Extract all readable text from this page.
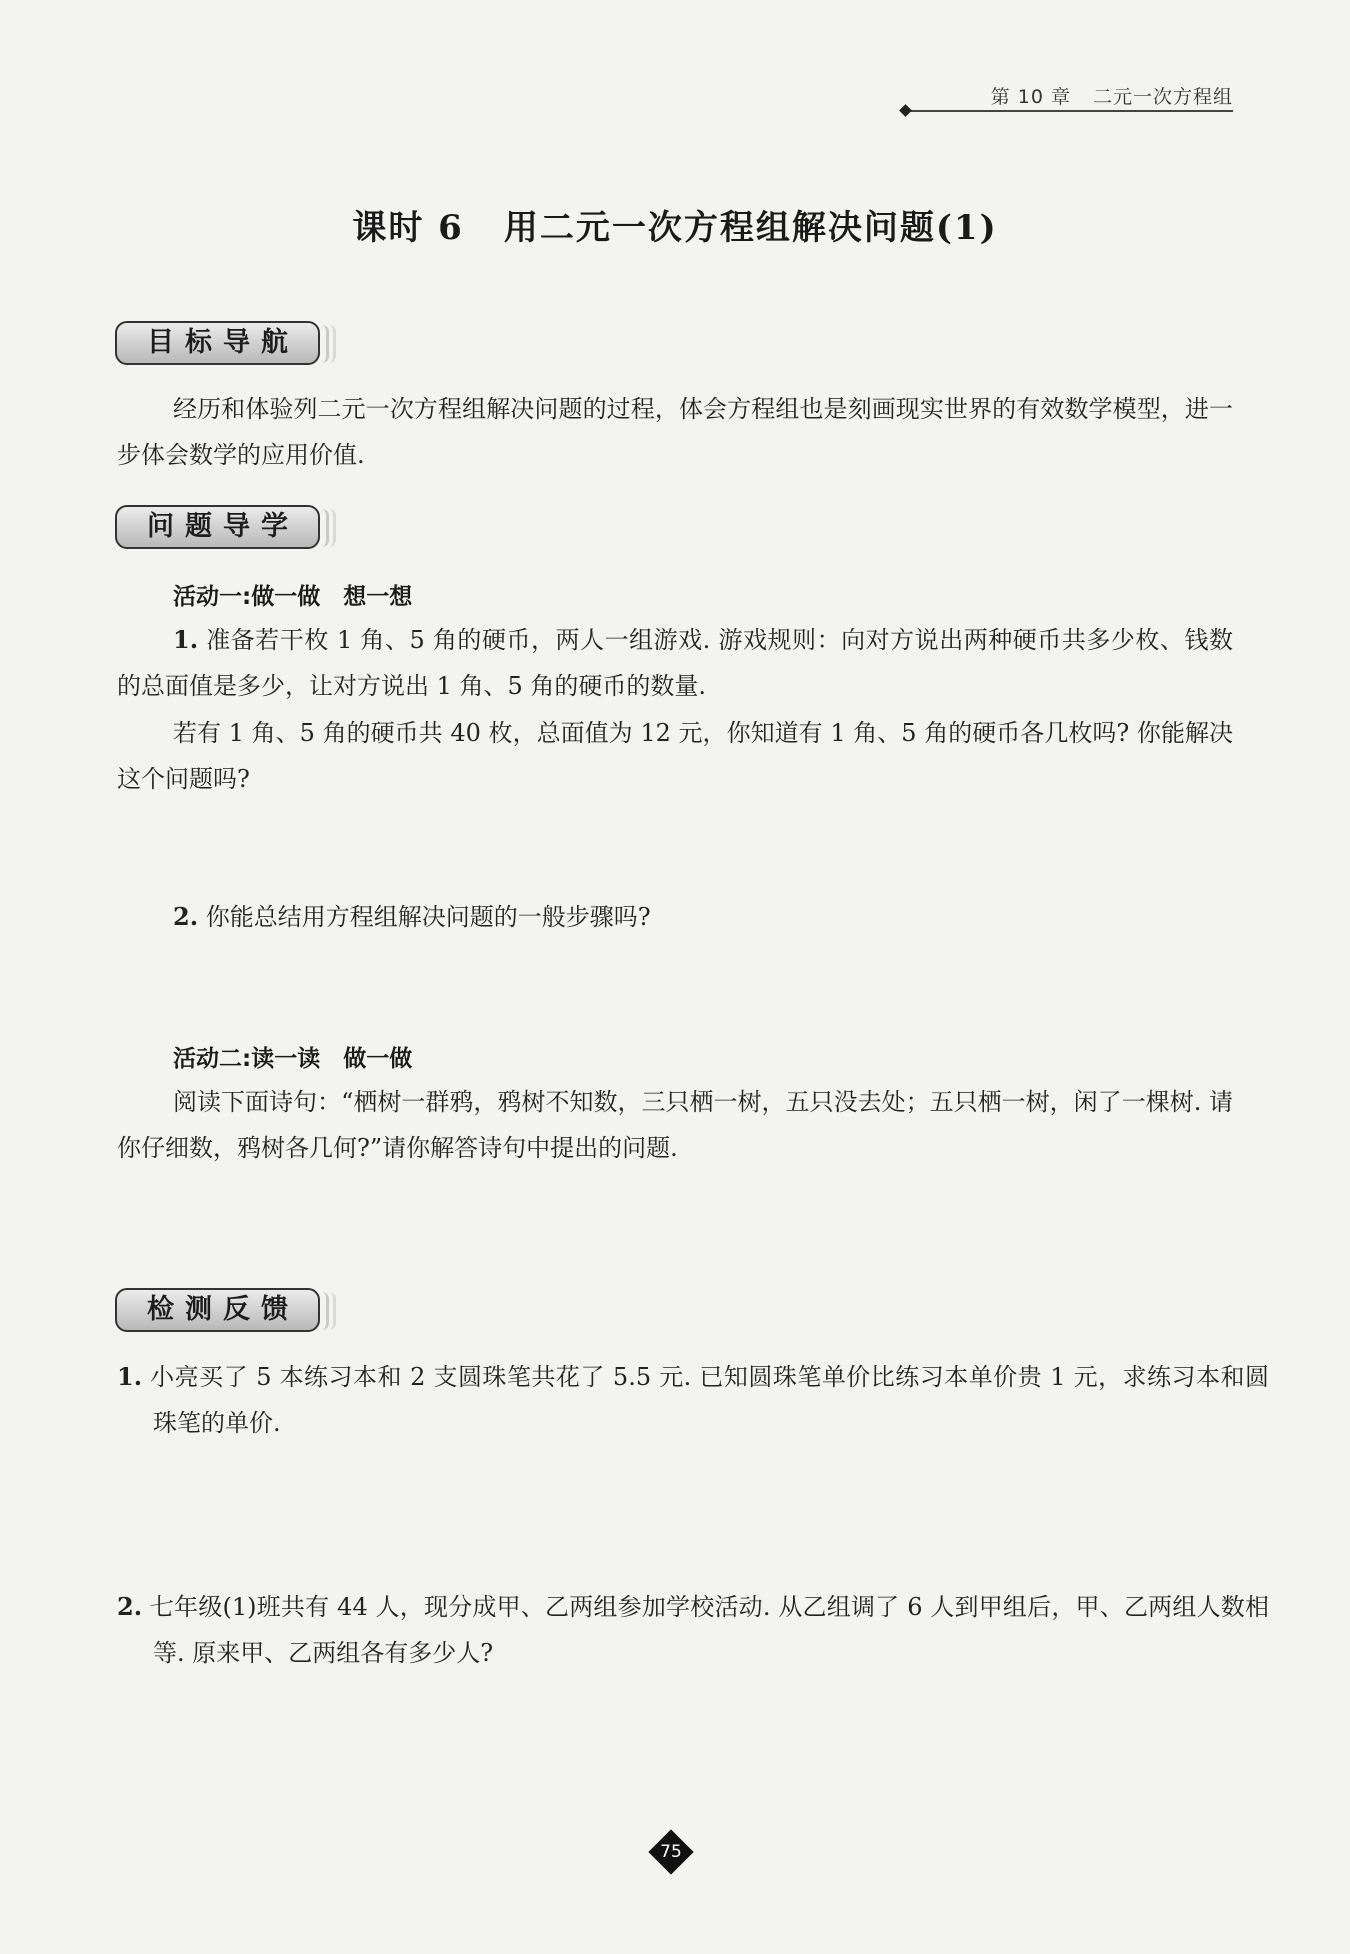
第 10 章 二元一次方程组
课时 6 用二元一次方程组解决问题(1)
目标导航
经历和体验列二元一次方程组解决问题的过程，体会方程组也是刻画现实世界的有效数学模型，进一步体会数学的应用价值.
问题导学
活动一:做一做　想一想
1. 准备若干枚 1 角、5 角的硬币，两人一组游戏. 游戏规则：向对方说出两种硬币共多少枚、钱数的总面值是多少，让对方说出 1 角、5 角的硬币的数量.
若有 1 角、5 角的硬币共 40 枚，总面值为 12 元，你知道有 1 角、5 角的硬币各几枚吗? 你能解决这个问题吗?
2. 你能总结用方程组解决问题的一般步骤吗?
活动二:读一读　做一做
阅读下面诗句：“栖树一群鸦，鸦树不知数，三只栖一树，五只没去处；五只栖一树，闲了一棵树. 请你仔细数，鸦树各几何?”请你解答诗句中提出的问题.
检测反馈
1. 小亮买了 5 本练习本和 2 支圆珠笔共花了 5.5 元. 已知圆珠笔单价比练习本单价贵 1 元，求练习本和圆珠笔的单价.
2. 七年级(1)班共有 44 人，现分成甲、乙两组参加学校活动. 从乙组调了 6 人到甲组后，甲、乙两组人数相等. 原来甲、乙两组各有多少人?
75
